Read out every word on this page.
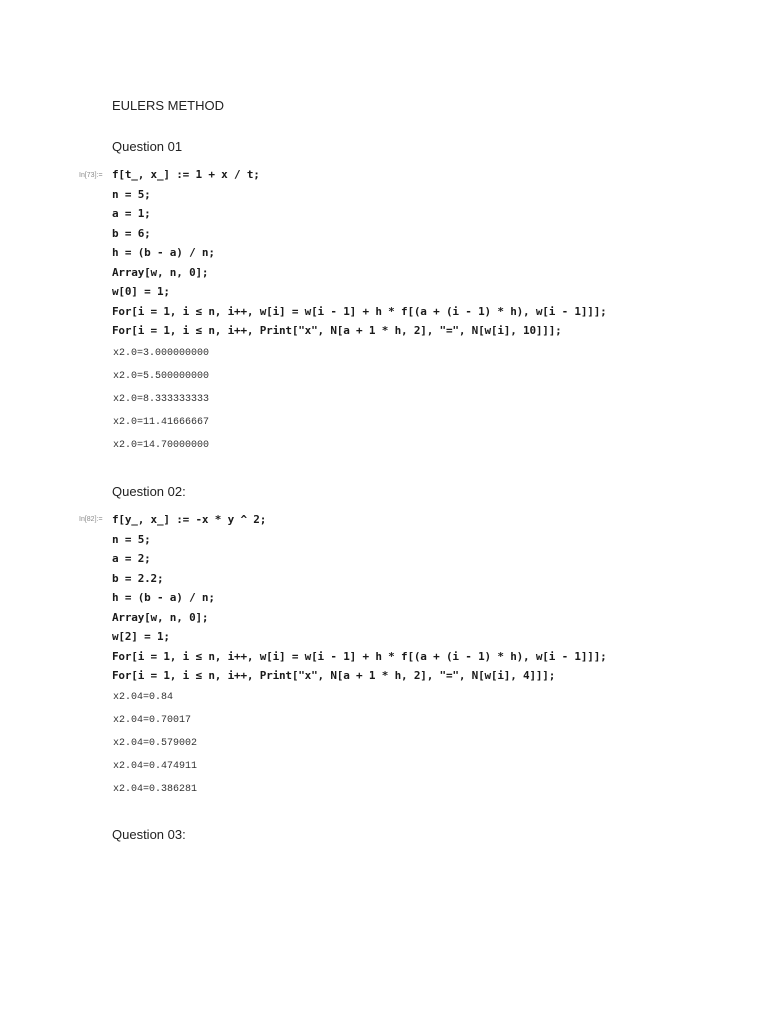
EULERS METHOD
Question 01
In[73]:= f[t_, x_] := 1 + x / t;
n = 5;
a = 1;
b = 6;
h = (b - a) / n;
Array[w, n, 0];
w[0] = 1;
For[i = 1, i ≤ n, i++, w[i] = w[i - 1] + h * f[(a + (i - 1) * h), w[i - 1]]];
For[i = 1, i ≤ n, i++, Print["x", N[a + 1 * h, 2], "=", N[w[i], 10]]];
x2.0=3.000000000
x2.0=5.500000000
x2.0=8.333333333
x2.0=11.41666667
x2.0=14.70000000
Question 02:
In[82]:= f[y_, x_] := -x * y ^ 2;
n = 5;
a = 2;
b = 2.2;
h = (b - a) / n;
Array[w, n, 0];
w[2] = 1;
For[i = 1, i ≤ n, i++, w[i] = w[i - 1] + h * f[(a + (i - 1) * h), w[i - 1]]];
For[i = 1, i ≤ n, i++, Print["x", N[a + 1 * h, 2], "=", N[w[i], 4]]];
x2.04=0.84
x2.04=0.70017
x2.04=0.579002
x2.04=0.474911
x2.04=0.386281
Question 03:
